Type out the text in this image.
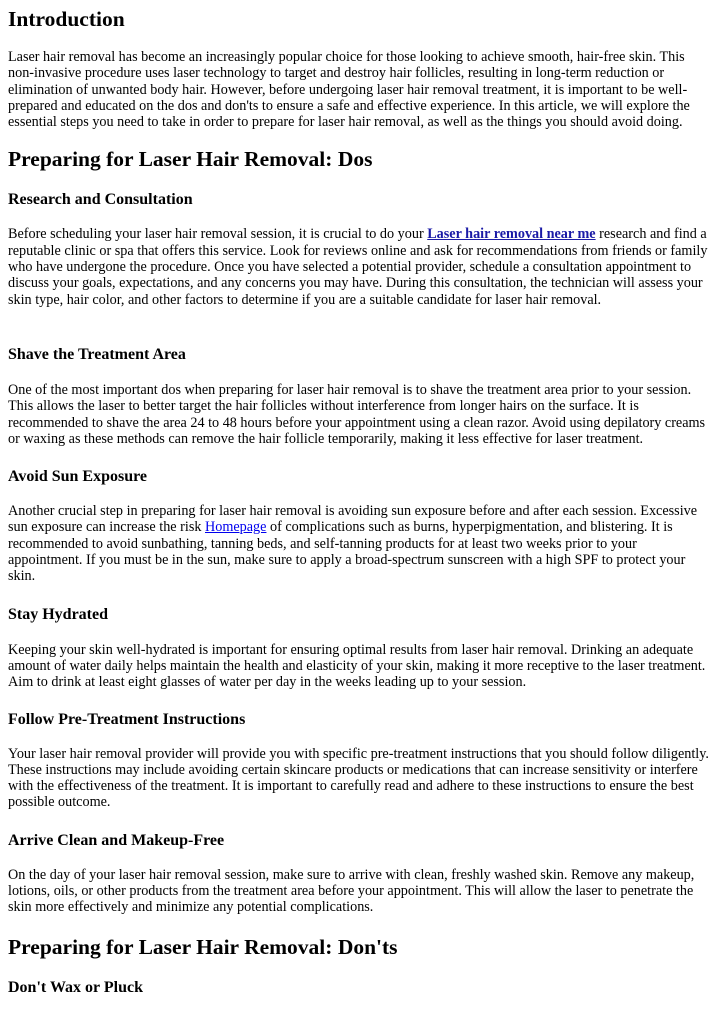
Introduction

Laser hair removal has become an increasingly popular choice for those looking to achieve smooth, hair-free skin. This non-invasive procedure uses laser technology to target and destroy hair follicles, resulting in long-term reduction or elimination of unwanted body hair. However, before undergoing laser hair removal treatment, it is important to be well-prepared and educated on the dos and don'ts to ensure a safe and effective experience. In this article, we will explore the essential steps you need to take in order to prepare for laser hair removal, as well as the things you should avoid doing.

Preparing for Laser Hair Removal: Dos
Research and Consultation

Before scheduling your laser hair removal session, it is crucial to do your Laser hair removal near me research and find a reputable clinic or spa that offers this service. Look for reviews online and ask for recommendations from friends or family who have undergone the procedure. Once you have selected a potential provider, schedule a consultation appointment to discuss your goals, expectations, and any concerns you may have. During this consultation, the technician will assess your skin type, hair color, and other factors to determine if you are a suitable candidate for laser hair removal.

Shave the Treatment Area

One of the most important dos when preparing for laser hair removal is to shave the treatment area prior to your session. This allows the laser to better target the hair follicles without interference from longer hairs on the surface. It is recommended to shave the area 24 to 48 hours before your appointment using a clean razor. Avoid using depilatory creams or waxing as these methods can remove the hair follicle temporarily, making it less effective for laser treatment.

Avoid Sun Exposure

Another crucial step in preparing for laser hair removal is avoiding sun exposure before and after each session. Excessive sun exposure can increase the risk Homepage of complications such as burns, hyperpigmentation, and blistering. It is recommended to avoid sunbathing, tanning beds, and self-tanning products for at least two weeks prior to your appointment. If you must be in the sun, make sure to apply a broad-spectrum sunscreen with a high SPF to protect your skin.

Stay Hydrated

Keeping your skin well-hydrated is important for ensuring optimal results from laser hair removal. Drinking an adequate amount of water daily helps maintain the health and elasticity of your skin, making it more receptive to the laser treatment. Aim to drink at least eight glasses of water per day in the weeks leading up to your session.

Follow Pre-Treatment Instructions

Your laser hair removal provider will provide you with specific pre-treatment instructions that you should follow diligently. These instructions may include avoiding certain skincare products or medications that can increase sensitivity or interfere with the effectiveness of the treatment. It is important to carefully read and adhere to these instructions to ensure the best possible outcome.

Arrive Clean and Makeup-Free

On the day of your laser hair removal session, make sure to arrive with clean, freshly washed skin. Remove any makeup, lotions, oils, or other products from the treatment area before your appointment. This will allow the laser to penetrate the skin more effectively and minimize any potential complications.

Preparing for Laser Hair Removal: Don'ts
Don't Wax or Pluck
